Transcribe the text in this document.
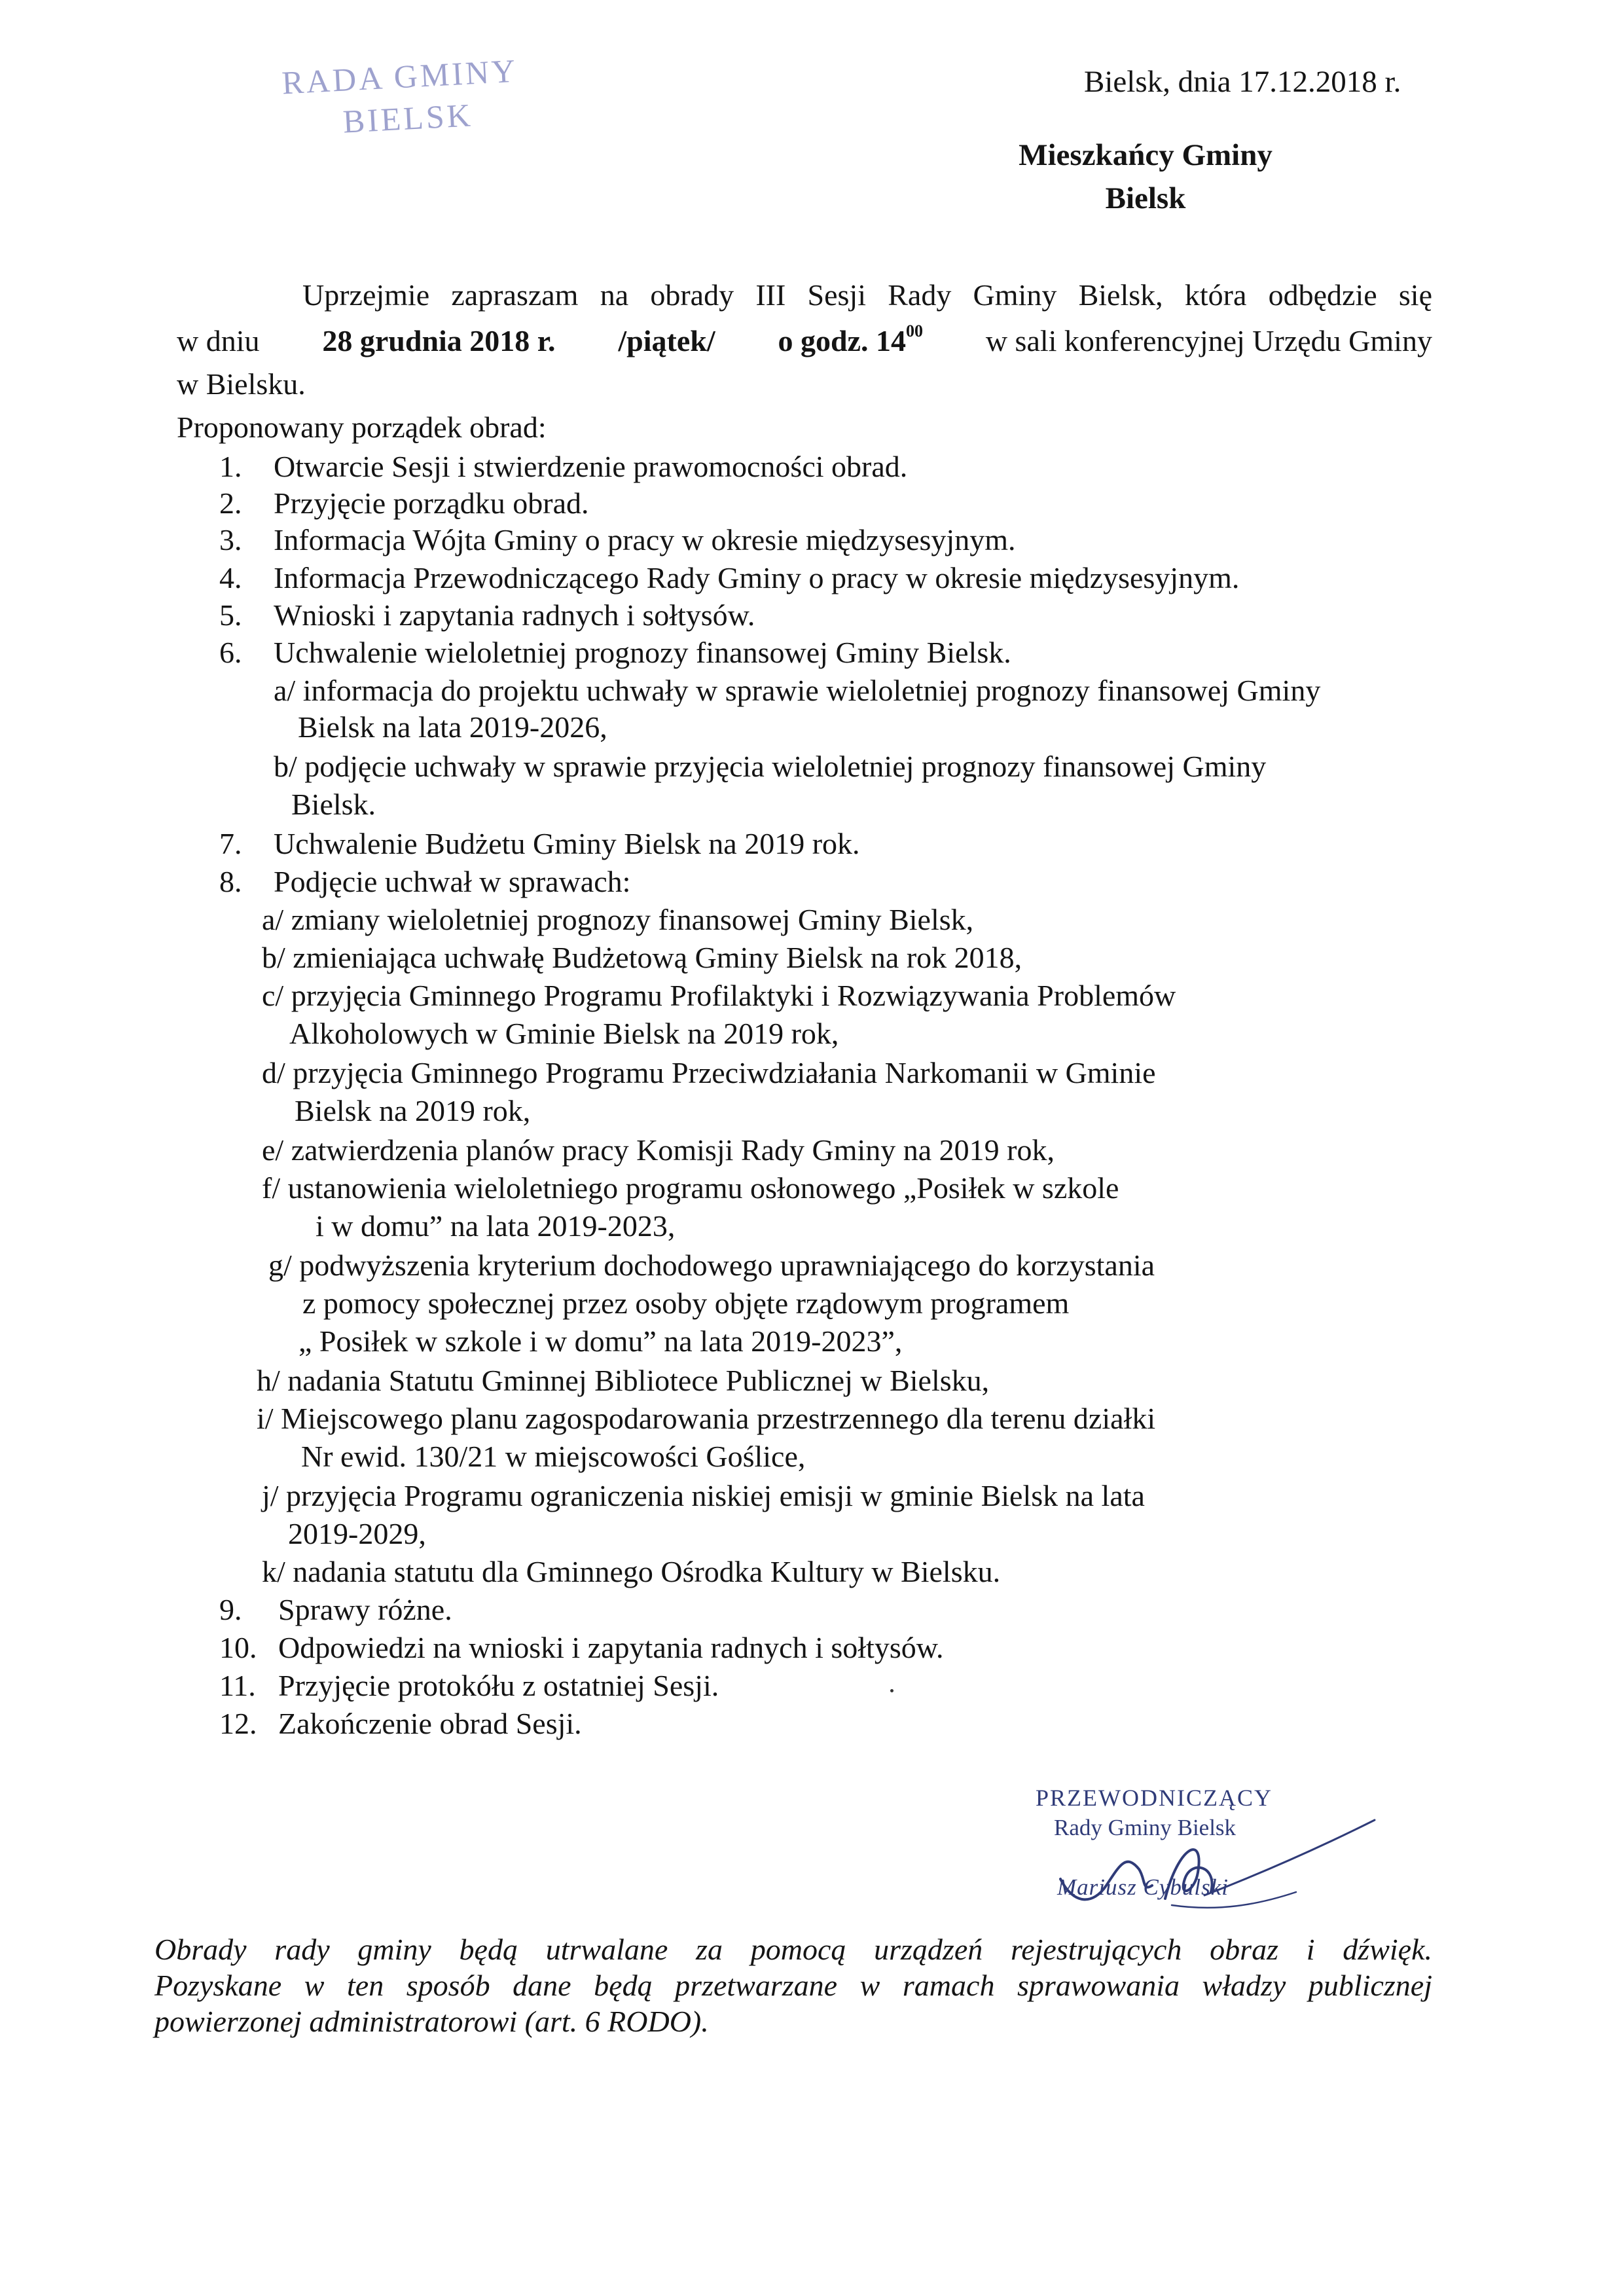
RADA GMINY
BIELSK
Bielsk, dnia 17.12.2018 r.
Mieszkańcy Gminy
Bielsk
Uprzejmie zapraszam na obrady III Sesji Rady Gminy Bielsk, która odbędzie się
w dniu 28 grudnia 2018 r. /piątek/ o godz. $14^{00}$ w sali konferencyjnej Urzędu Gminy
w Bielsku.
Proponowany porządek obrad:
1. Otwarcie Sesji i stwierdzenie prawomocności obrad.
2. Przyjęcie porządku obrad.
3. Informacja Wójta Gminy o pracy w okresie międzysesyjnym.
4. Informacja Przewodniczącego Rady Gminy o pracy w okresie międzysesyjnym.
5. Wnioski i zapytania radnych i sołtysów.
6. Uchwalenie wieloletniej prognozy finansowej Gminy Bielsk.
a/ informacja do projektu uchwały w sprawie wieloletniej prognozy finansowej Gminy
Bielsk na lata 2019-2026,
b/ podjęcie uchwały w sprawie przyjęcia wieloletniej prognozy finansowej Gminy
Bielsk.
7. Uchwalenie Budżetu Gminy Bielsk na 2019 rok.
8. Podjęcie uchwał w sprawach:
a/ zmiany wieloletniej prognozy finansowej Gminy Bielsk,
b/ zmieniająca uchwałę Budżetową Gminy Bielsk na rok 2018,
c/ przyjęcia Gminnego Programu Profilaktyki i Rozwiązywania Problemów
Alkoholowych w Gminie Bielsk na 2019 rok,
d/ przyjęcia Gminnego Programu Przeciwdziałania Narkomanii w Gminie
Bielsk na 2019 rok,
e/ zatwierdzenia planów pracy Komisji Rady Gminy na 2019 rok,
f/ ustanowienia wieloletniego programu osłonowego „Posiłek w szkole
i w domu” na lata 2019-2023,
g/ podwyższenia kryterium dochodowego uprawniającego do korzystania
z pomocy społecznej przez osoby objęte rządowym programem
„ Posiłek w szkole i w domu” na lata 2019-2023”,
h/ nadania Statutu Gminnej Bibliotece Publicznej w Bielsku,
i/ Miejscowego planu zagospodarowania przestrzennego dla terenu działki
Nr ewid. 130/21 w miejscowości Goślice,
j/ przyjęcia Programu ograniczenia niskiej emisji w gminie Bielsk na lata
2019-2029,
k/ nadania statutu dla Gminnego Ośrodka Kultury w Bielsku.
9. Sprawy różne.
10. Odpowiedzi na wnioski i zapytania radnych i sołtysów.
11. Przyjęcie protokółu z ostatniej Sesji.
12. Zakończenie obrad Sesji.
PRZEWODNICZĄCY
Rady Gminy Bielsk
Mariusz Cybulski
Obrady rady gminy będą utrwalane za pomocą urządzeń rejestrujących obraz i dźwięk.
Pozyskane w ten sposób dane będą przetwarzane w ramach sprawowania władzy publicznej
powierzonej administratorowi (art. 6 RODO).
